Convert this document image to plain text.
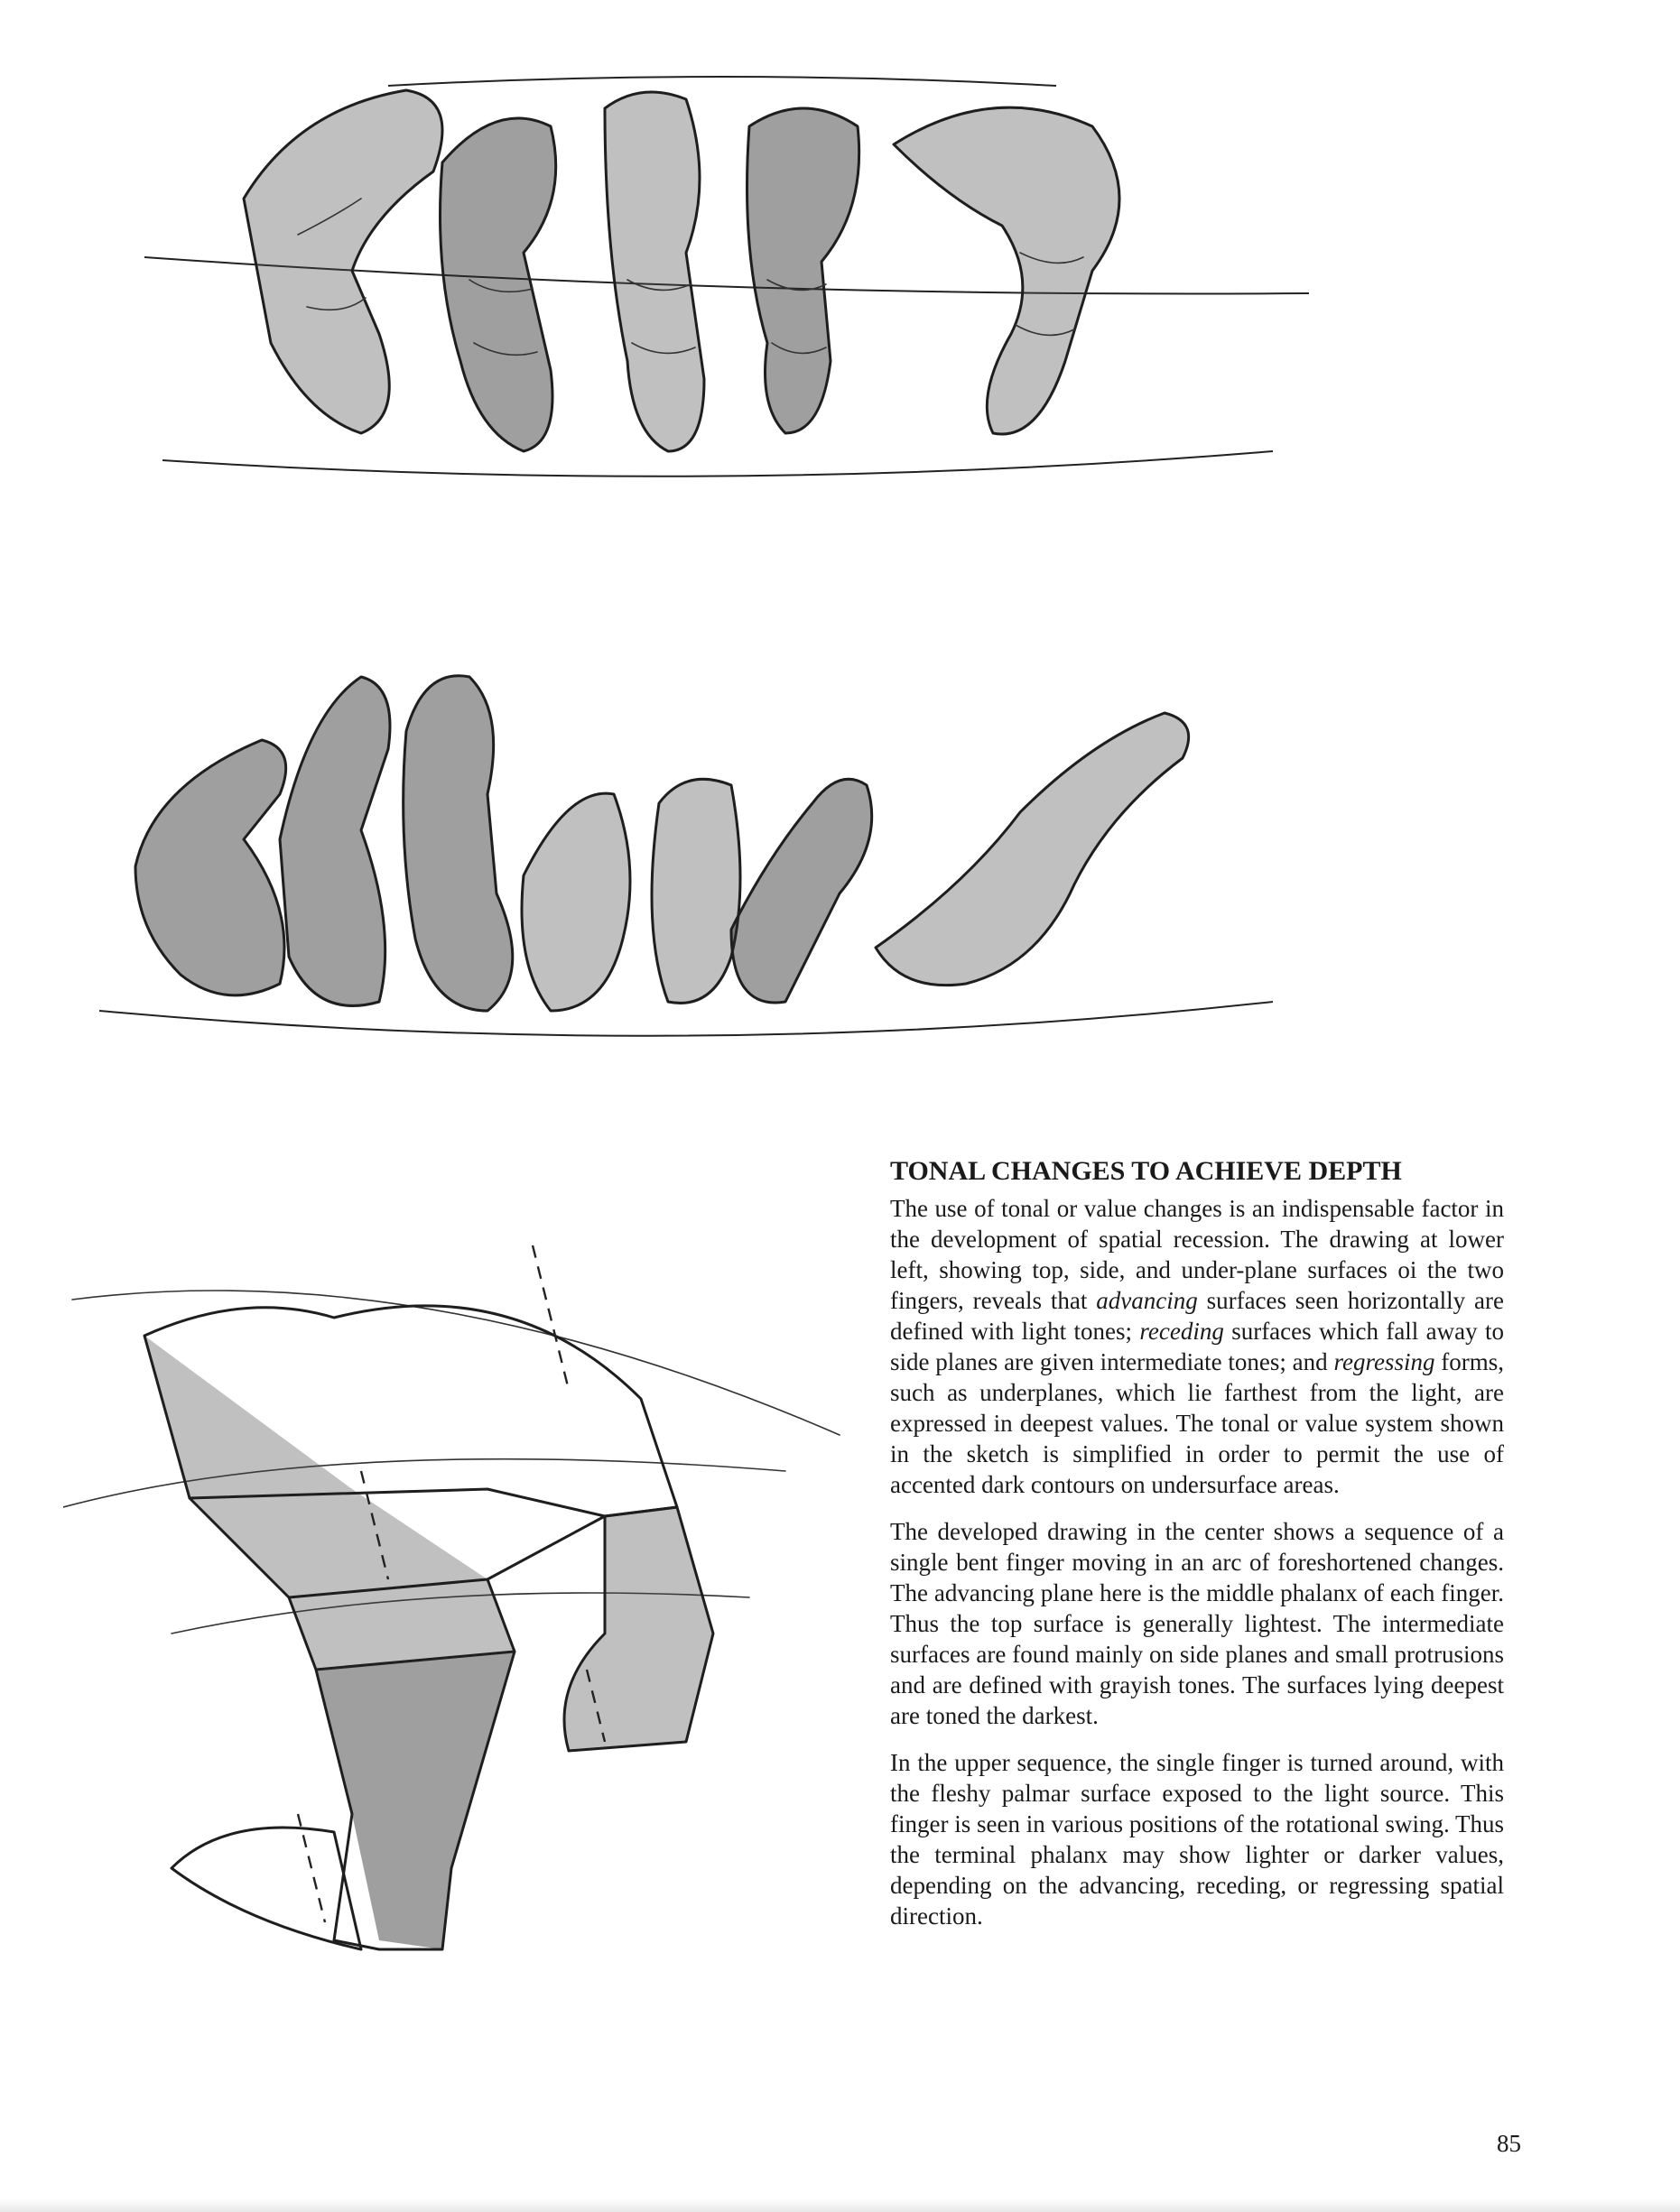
TONAL CHANGES TO ACHIEVE DEPTH

The use of tonal or value changes is an indispensable factor in the development of spatial recession. The drawing at lower left, showing top, side, and under-plane surfaces oi the two fingers, reveals that advancing surfaces seen horizontally are defined with light tones; receding surfaces which fall away to side planes are given intermediate tones; and regressing forms, such as underplanes, which lie farthest from the light, are expressed in deepest values. The tonal or value system shown in the sketch is simplified in order to permit the use of accented dark contours on undersurface areas.

The developed drawing in the center shows a sequence of a single bent finger moving in an arc of foreshortened changes. The advancing plane here is the middle phalanx of each finger. Thus the top surface is generally lightest. The intermediate surfaces are found mainly on side planes and small protrusions and are defined with grayish tones. The surfaces lying deepest are toned the darkest.

In the upper sequence, the single finger is turned around, with the fleshy palmar surface exposed to the light source. This finger is seen in various positions of the rotational swing. Thus the terminal phalanx may show lighter or darker values, depending on the advancing, receding, or regressing spatial direction.

85
